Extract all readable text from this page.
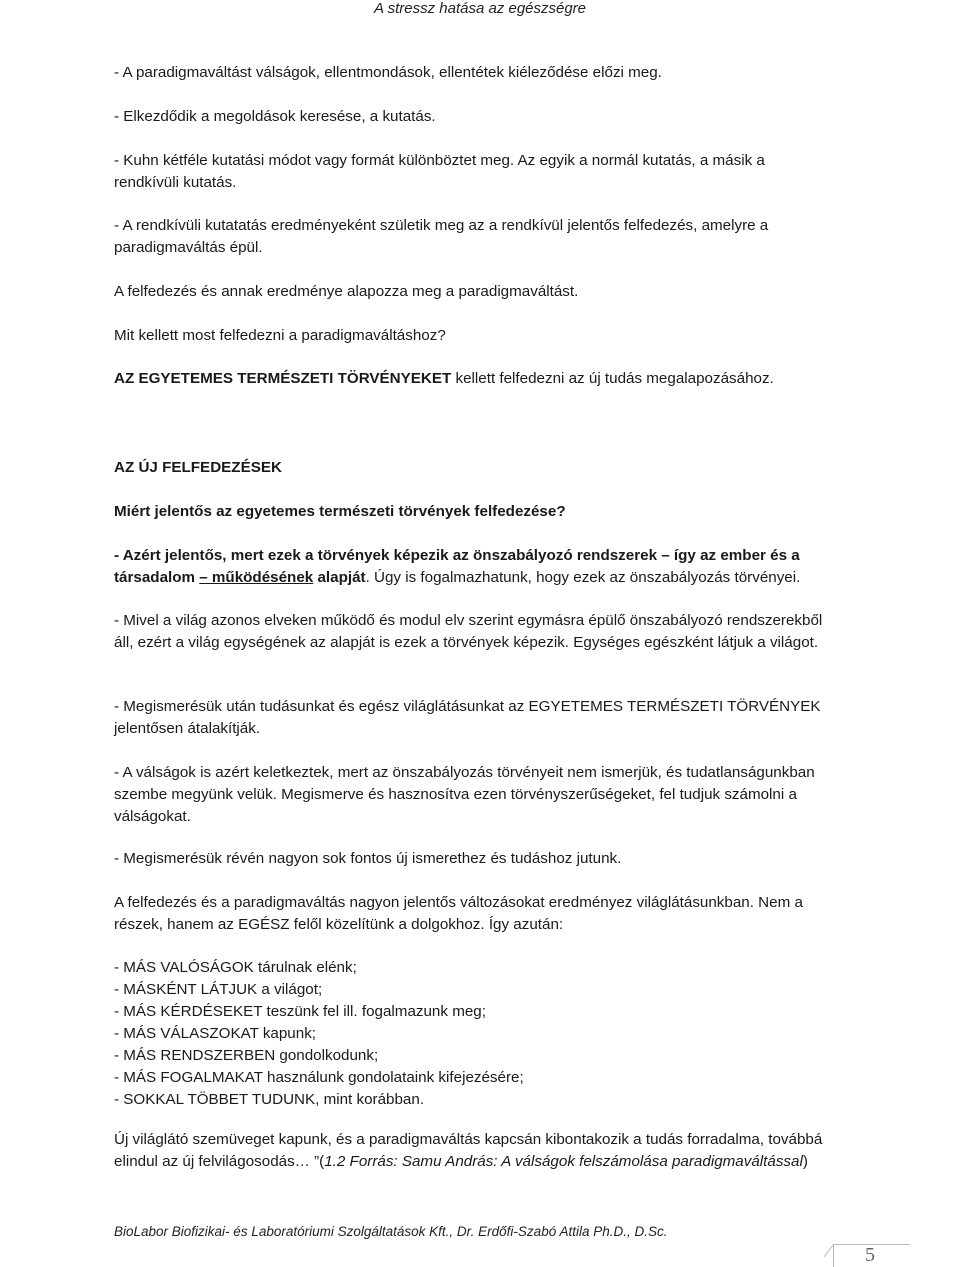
A stressz hatása az egészségre

- A paradigmaváltást válságok, ellentmondások, ellentétek kiéleződése előzi meg.

- Elkezdődik a megoldások keresése, a kutatás.

- Kuhn kétféle kutatási módot vagy formát különböztet meg. Az egyik a normál kutatás, a másik a rendkívüli kutatás.

- A rendkívüli kutatatás eredményeként születik meg az a rendkívül jelentős felfedezés, amelyre a paradigmaváltás épül.

A felfedezés és annak eredménye alapozza meg a paradigmaváltást.

Mit kellett most felfedezni a paradigmaváltáshoz?

AZ EGYETEMES TERMÉSZETI TÖRVÉNYEKET kellett felfedezni az új tudás megalapozásához.

AZ ÚJ FELFEDEZÉSEK

Miért jelentős az egyetemes természeti törvények felfedezése?

- Azért jelentős, mert ezek a törvények képezik az önszabályozó rendszerek – így az ember és a társadalom – működésének alapját. Úgy is fogalmazhatunk, hogy ezek az önszabályozás törvényei.

- Mivel a világ azonos elveken működő és modul elv szerint egymásra épülő önszabályozó rendszerekből áll, ezért a világ egységének az alapját is ezek a törvények képezik. Egységes egészként látjuk a világot.

- Megismerésük után tudásunkat és egész világlátásunkat az EGYETEMES TERMÉSZETI TÖRVÉNYEK jelentősen átalakítják.

- A válságok is azért keletkeztek, mert az önszabályozás törvényeit nem ismerjük, és tudatlanságunkban szembe megyünk velük. Megismerve és hasznosítva ezen törvényszerűségeket, fel tudjuk számolni a válságokat.

- Megismerésük révén nagyon sok fontos új ismerethez és tudáshoz jutunk.

A felfedezés és a paradigmaváltás nagyon jelentős változásokat eredményez világlátásunkban. Nem a részek, hanem az EGÉSZ felől közelítünk a dolgokhoz. Így azután:

- MÁS VALÓSÁGOK tárulnak elénk;
- MÁSKÉNT LÁTJUK a világot;
- MÁS KÉRDÉSEKET teszünk fel ill. fogalmazunk meg;
- MÁS VÁLASZOKAT kapunk;
- MÁS RENDSZERBEN gondolkodunk;
- MÁS FOGALMAKAT használunk gondolataink kifejezésére;
- SOKKAL TÖBBET TUDUNK, mint korábban.

Új világlátó szemüveget kapunk, és a paradigmaváltás kapcsán kibontakozik a tudás forradalma, továbbá elindul az új felvilágosodás… ”(1.2 Forrás: Samu András: A válságok felszámolása paradigmaváltással)

BioLabor Biofizikai- és Laboratóriumi Szolgáltatások Kft., Dr. Erdőfi-Szabó Attila Ph.D., D.Sc.
5
